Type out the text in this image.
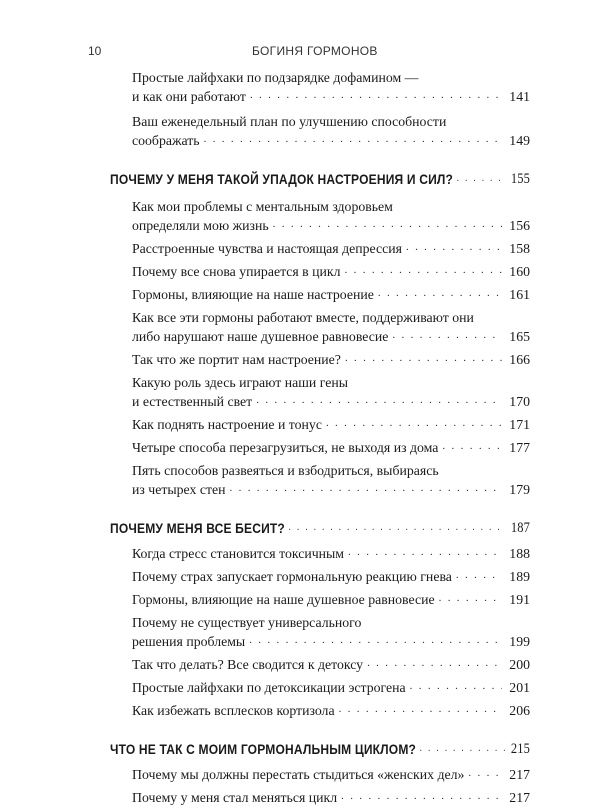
10	БОГИНЯ ГОРМОНОВ
Простые лайфхаки по подзарядке дофамином —
и как они работают . . .	141
Ваш еженедельный план по улучшению способности
соображать . . .	149
ПОЧЕМУ У МЕНЯ ТАКОЙ УПАДОК НАСТРОЕНИЯ И СИЛ? . . .	155
Как мои проблемы с ментальным здоровьем
определяли мою жизнь . . .	156
Расстроенные чувства и настоящая депрессия . . .	158
Почему все снова упирается в цикл . . .	160
Гормоны, влияющие на наше настроение . . .	161
Как все эти гормоны работают вместе, поддерживают они
либо нарушают наше душевное равновесие . . .	165
Так что же портит нам настроение? . . .	166
Какую роль здесь играют наши гены
и естественный свет . . .	170
Как поднять настроение и тонус . . .	171
Четыре способа перезагрузиться, не выходя из дома . . .	177
Пять способов развеяться и взбодриться, выбираясь
из четырех стен . . .	179
ПОЧЕМУ МЕНЯ ВСЕ БЕСИТ? . . .	187
Когда стресс становится токсичным . . .	188
Почему страх запускает гормональную реакцию гнева . . .	189
Гормоны, влияющие на наше душевное равновесие . . .	191
Почему не существует универсального
решения проблемы . . .	199
Так что делать? Все сводится к детоксу . . .	200
Простые лайфхаки по детоксикации эстрогена . . .	201
Как избежать всплесков кортизола . . .	206
ЧТО НЕ ТАК С МОИМ ГОРМОНАЛЬНЫМ ЦИКЛОМ? . . .	215
Почему мы должны перестать стыдиться «женских дел» . . .	217
Почему у меня стал меняться цикл . . .	217
